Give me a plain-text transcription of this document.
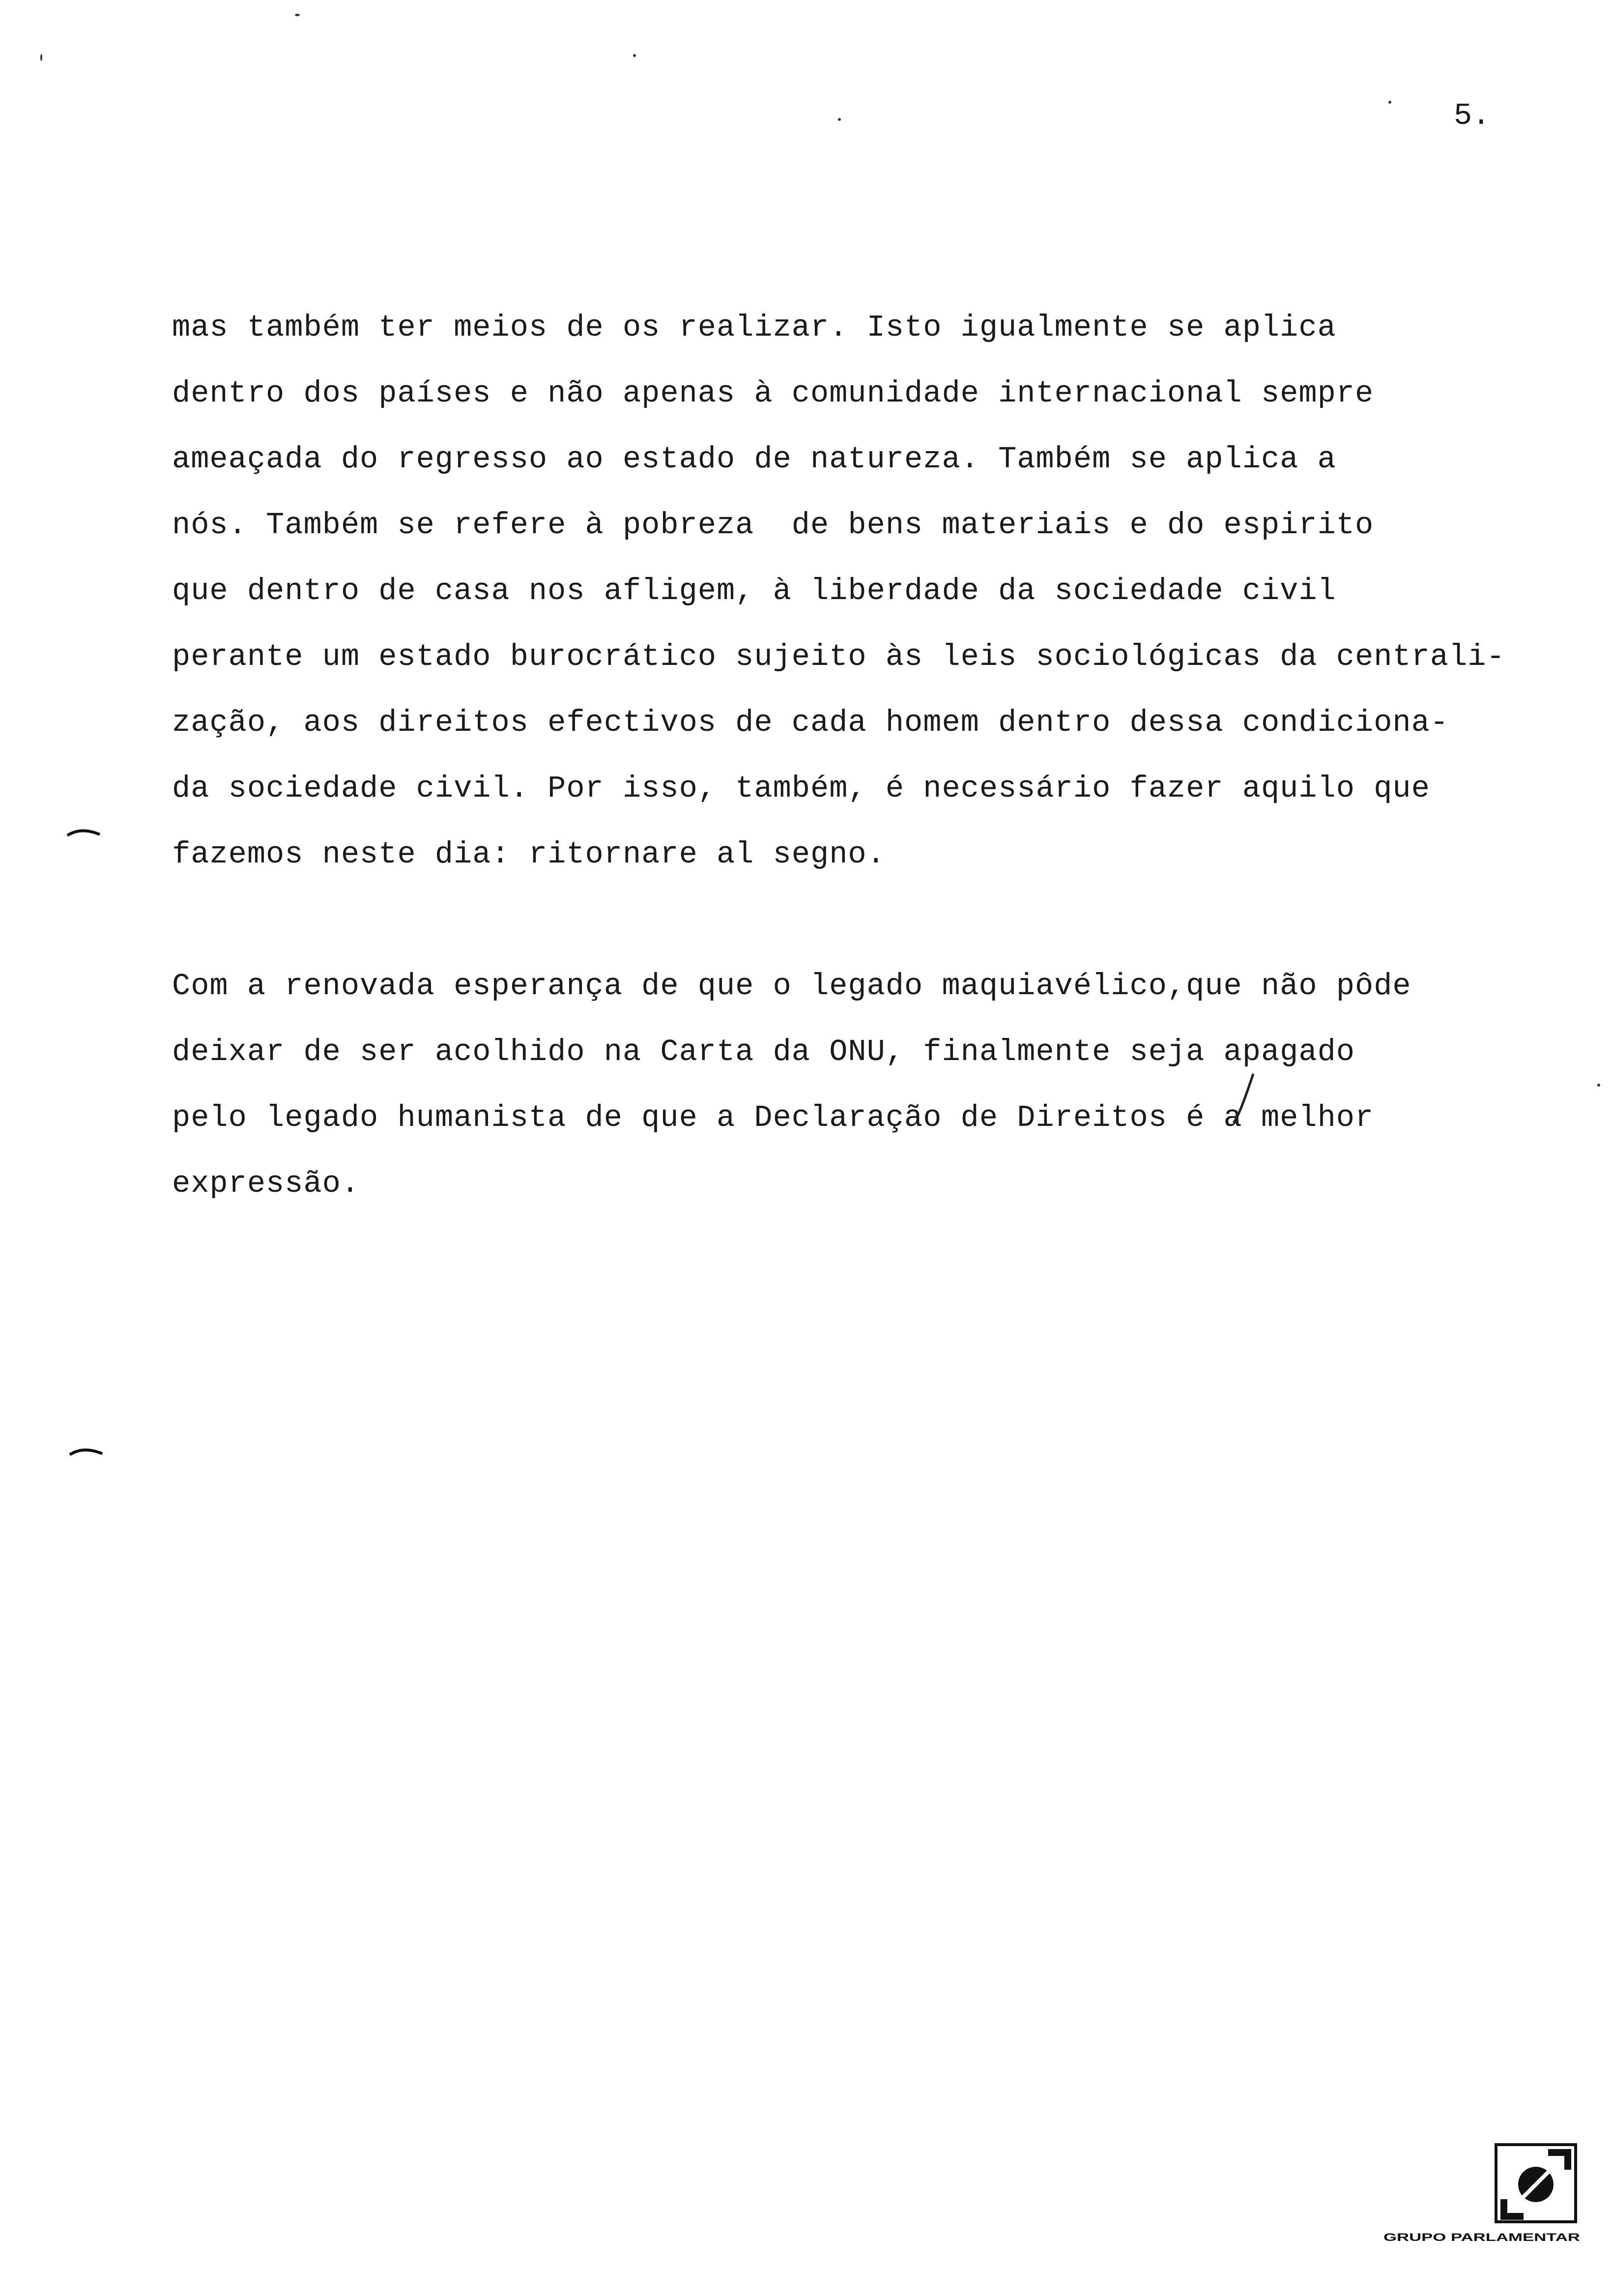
5.
mas também ter meios de os realizar. Isto igualmente se aplica
dentro dos países e não apenas à comunidade internacional sempre
ameaçada do regresso ao estado de natureza. Também se aplica a
nós. Também se refere à pobreza  de bens materiais e do espirito
que dentro de casa nos afligem, à liberdade da sociedade civil
perante um estado burocrático sujeito às leis sociológicas da centrali-
zação, aos direitos efectivos de cada homem dentro dessa condiciona-
da sociedade civil. Por isso, também, é necessário fazer aquilo que
fazemos neste dia: ritornare al segno.
Com a renovada esperança de que o legado maquiavélico,que não pôde
deixar de ser acolhido na Carta da ONU, finalmente seja apagado
pelo legado humanista de que a Declaração de Direitos é a melhor
expressão.
GRUPO PARLAMENTAR
